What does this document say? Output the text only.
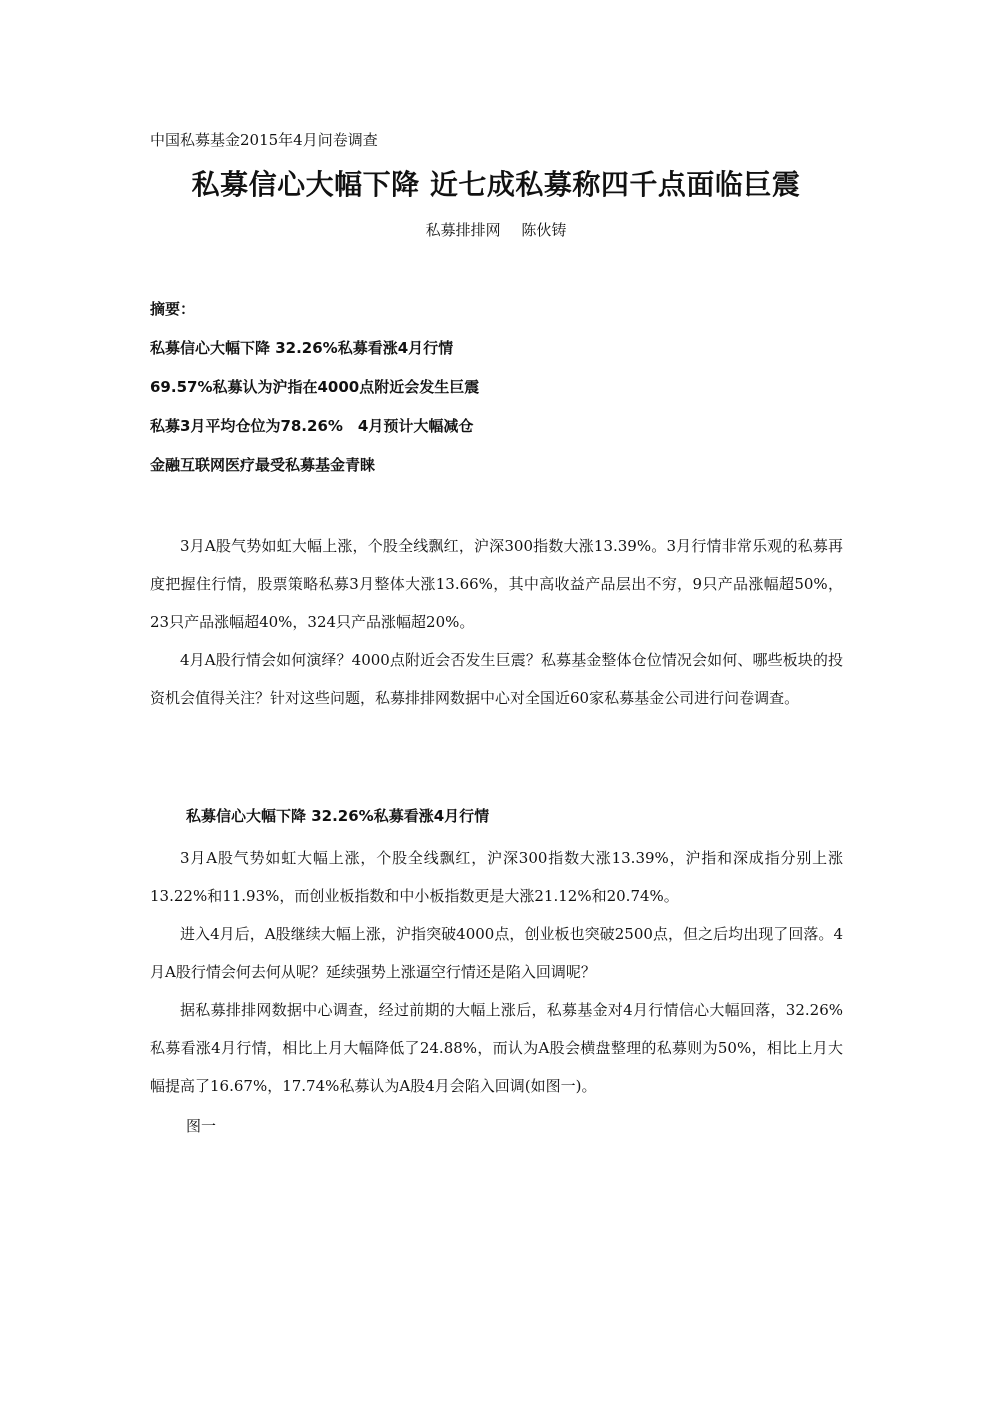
中国私募基金2015年4月问卷调查
私募信心大幅下降 近七成私募称四千点面临巨震
私募排排网 陈伙铸
摘要：
私募信心大幅下降 32.26%私募看涨4月行情
69.57%私募认为沪指在4000点附近会发生巨震
私募3月平均仓位为78.26%　4月预计大幅减仓
金融互联网医疗最受私募基金青睐

3月A股气势如虹大幅上涨，个股全线飘红，沪深300指数大涨13.39%。3月行情非常乐观的私募再度把握住行情，股票策略私募3月整体大涨13.66%，其中高收益产品层出不穷，9只产品涨幅超50%，23只产品涨幅超40%，324只产品涨幅超20%。

4月A股行情会如何演绎？4000点附近会否发生巨震？私募基金整体仓位情况会如何、哪些板块的投资机会值得关注？针对这些问题，私募排排网数据中心对全国近60家私募基金公司进行问卷调查。

私募信心大幅下降 32.26%私募看涨4月行情

3月A股气势如虹大幅上涨，个股全线飘红，沪深300指数大涨13.39%，沪指和深成指分别上涨13.22%和11.93%，而创业板指数和中小板指数更是大涨21.12%和20.74%。

进入4月后，A股继续大幅上涨，沪指突破4000点，创业板也突破2500点，但之后均出现了回落。4月A股行情会何去何从呢？延续强势上涨逼空行情还是陷入回调呢？

据私募排排网数据中心调查，经过前期的大幅上涨后，私募基金对4月行情信心大幅回落，32.26%私募看涨4月行情，相比上月大幅降低了24.88%，而认为A股会横盘整理的私募则为50%，相比上月大幅提高了16.67%，17.74%私募认为A股4月会陷入回调(如图一)。

图一
